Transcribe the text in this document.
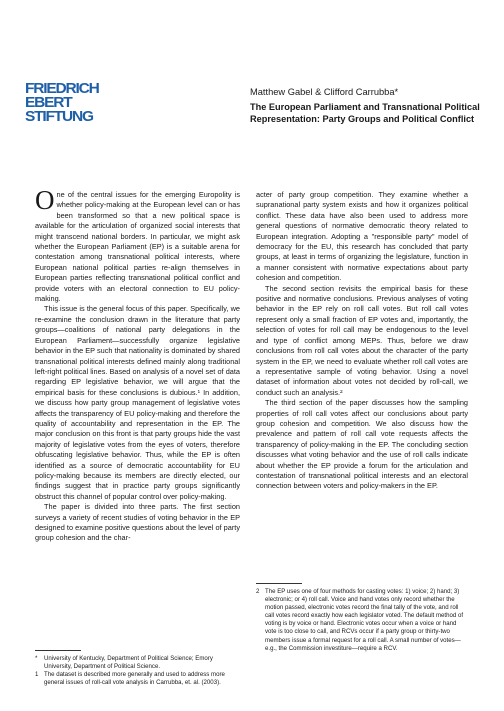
FRIEDRICH
EBERT
STIFTUNG
Matthew Gabel & Clifford Carrubba*
The European Parliament and Transnational Political Representation: Party Groups and Political Conflict

One of the central issues for the emerging Europolity is whether policy-making at the European level can or has been transformed so that a new political space is available for the articulation of organized social interests that might transcend national borders. In particular, we might ask whether the European Parliament (EP) is a suitable arena for contestation among transnational political interests, where European national political parties re-align themselves in European parties reflecting transnational political conflict and provide voters with an electoral connection to EU policy-making.

This issue is the general focus of this paper. Specifically, we re-examine the conclusion drawn in the literature that party groups—coalitions of national party delegations in the European Parliament—successfully organize legislative behavior in the EP such that nationality is dominated by shared transnational political interests defined mainly along traditional left-right political lines. Based on analysis of a novel set of data regarding EP legislative behavior, we will argue that the empirical basis for these conclusions is dubious.¹ In addition, we discuss how party group management of legislative votes affects the transparency of EU policy-making and therefore the quality of accountability and representation in the EP. The major conclusion on this front is that party groups hide the vast majority of legislative votes from the eyes of voters, therefore obfuscating legislative behavior. Thus, while the EP is often identified as a source of democratic accountability for EU policy-making because its members are directly elected, our findings suggest that in practice party groups significantly obstruct this channel of popular control over policy-making.

The paper is divided into three parts. The first section surveys a variety of recent studies of voting behavior in the EP designed to examine positive questions about the level of party group cohesion and the char-

acter of party group competition. They examine whether a supranational party system exists and how it organizes political conflict. These data have also been used to address more general questions of normative democratic theory related to European integration. Adopting a "responsible party" model of democracy for the EU, this research has concluded that party groups, at least in terms of organizing the legislature, function in a manner consistent with normative expectations about party cohesion and competition.

The second section revisits the empirical basis for these positive and normative conclusions. Previous analyses of voting behavior in the EP rely on roll call votes. But roll call votes represent only a small fraction of EP votes and, importantly, the selection of votes for roll call may be endogenous to the level and type of conflict among MEPs. Thus, before we draw conclusions from roll call votes about the character of the party system in the EP, we need to evaluate whether roll call votes are a representative sample of voting behavior. Using a novel dataset of information about votes not decided by roll-call, we conduct such an analysis.²

The third section of the paper discusses how the sampling properties of roll call votes affect our conclusions about party group cohesion and competition. We also discuss how the prevalence and pattern of roll call vote requests affects the transparency of policy-making in the EP. The concluding section discusses what voting behavior and the use of roll calls indicate about whether the EP provide a forum for the articulation and contestation of transnational political interests and an electoral connection between voters and policy-makers in the EP.

*	University of Kentucky, Department of Political Science; Emory University, Department of Political Science.
1 The dataset is described more generally and used to address more general issues of roll-call vote analysis in Carrubba, et. al. (2003).
2 The EP uses one of four methods for casting votes: 1) voice; 2) hand; 3) electronic; or 4) roll call. Voice and hand votes only record whether the motion passed, electronic votes record the final tally of the vote, and roll call votes record exactly how each legislator voted. The default method of voting is by voice or hand. Electronic votes occur when a voice or hand vote is too close to call, and RCVs occur if a party group or thirty-two members issue a formal request for a roll call. A small number of votes—e.g., the Commission investiture—require a RCV.
